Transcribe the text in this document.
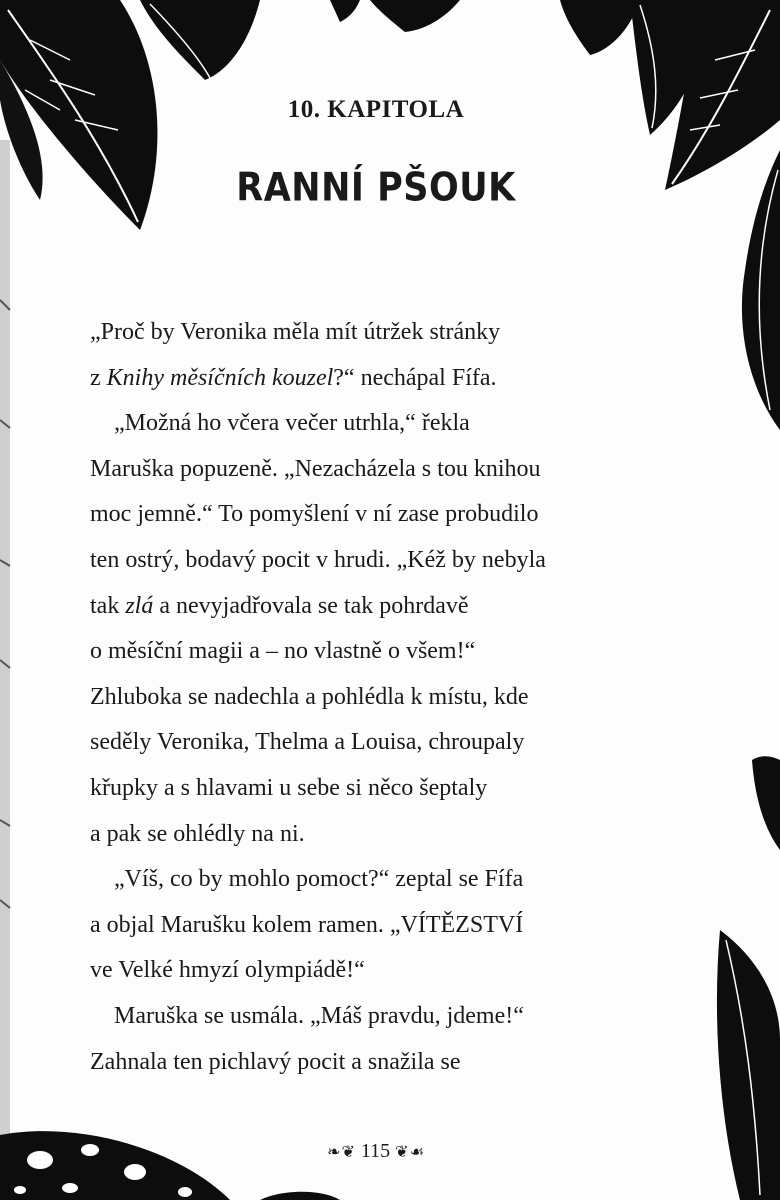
10. KAPITOLA
RANNÍ PŠOUK
„Proč by Veronika měla mít útržek stránky
z Knihy měsíčních kouzel?“ nechápal Fífa.
„Možná ho včera večer utrhla,“ řekla
Maruška popuzeně. „Nezacházela s tou knihou
moc jemně.“ To pomyšlení v ní zase probudilo
ten ostrý, bodavý pocit v hrudi. „Kéž by nebyla
tak zlá a nevyjadřovala se tak pohrdavě
o měsíční magii a – no vlastně o všem!“
Zhluboka se nadechla a pohlédla k místu, kde
seděly Veronika, Thelma a Louisa, chroupaly
křupky a s hlavami u sebe si něco šeptaly
a pak se ohlédly na ni.
„Víš, co by mohlo pomoct?“ zeptal se Fífa
a objal Marušku kolem ramen. „VÍTĚZSTVÍ
ve Velké hmyzí olympiádě!“
Maruška se usmála. „Máš pravdu, jdeme!“
Zahnala ten pichlavý pocit a snažila se
❧❦ 115 ❦☙
